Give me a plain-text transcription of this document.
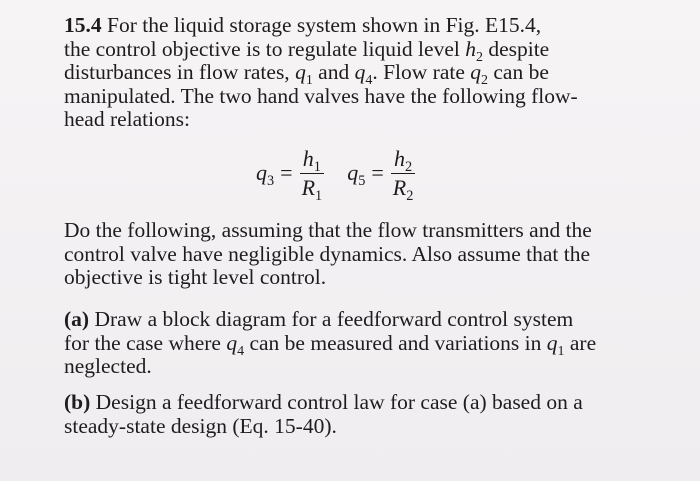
15.4 For the liquid storage system shown in Fig. E15.4,
the control objective is to regulate liquid level $h_2$ despite
disturbances in flow rates, $q_1$ and $q_4$. Flow rate $q_2$ can be
manipulated. The two hand valves have the following flow-
head relations:
$q_3 = \frac{h_1}{R_1} q_5 = \frac{h_2}{R_2}$
Do the following, assuming that the flow transmitters and the
control valve have negligible dynamics. Also assume that the
objective is tight level control.
(a) Draw a block diagram for a feedforward control system
for the case where $q_4$ can be measured and variations in $q_1$ are
neglected.
(b) Design a feedforward control law for case (a) based on a
steady-state design (Eq. 15-40).
